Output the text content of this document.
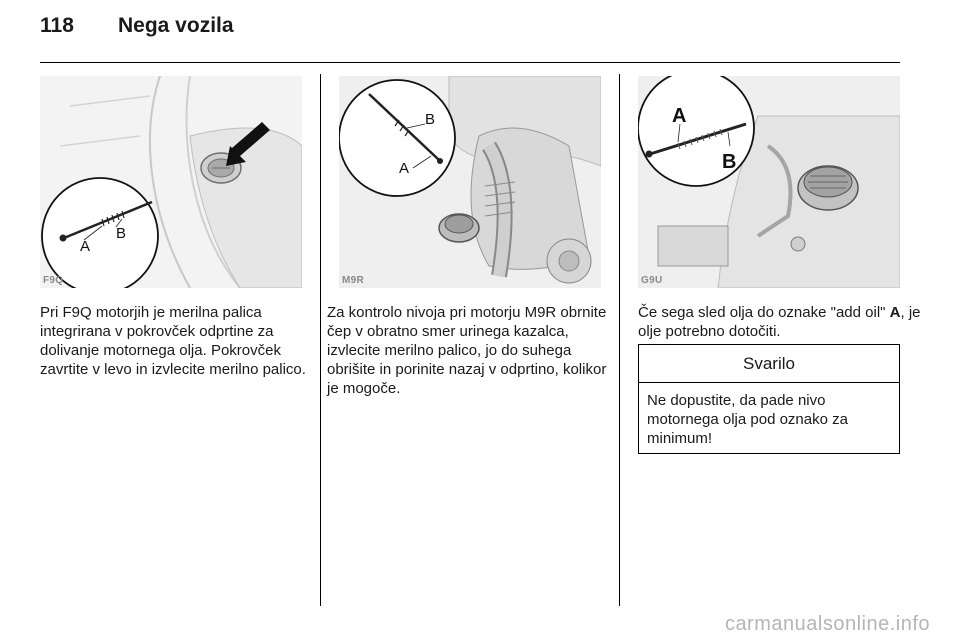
118	Nega vozila
A
B
F9Q
B
A
M9R
A
B
G9U
Pri F9Q motorjih je merilna palica integrirana v pokrovček odprtine za dolivanje motornega olja. Pokrovček zavrtite v levo in izvlecite merilno palico.
Za kontrolo nivoja pri motorju M9R obrnite čep v obratno smer urinega kazalca, izvlecite merilno palico, jo do suhega obrišite in porinite nazaj v odprtino, kolikor je mogoče.
Če sega sled olja do oznake "add oil" A, je olje potrebno dotočiti.
Svarilo
Ne dopustite, da pade nivo motornega olja pod oznako za minimum!
carmanualsonline.info
